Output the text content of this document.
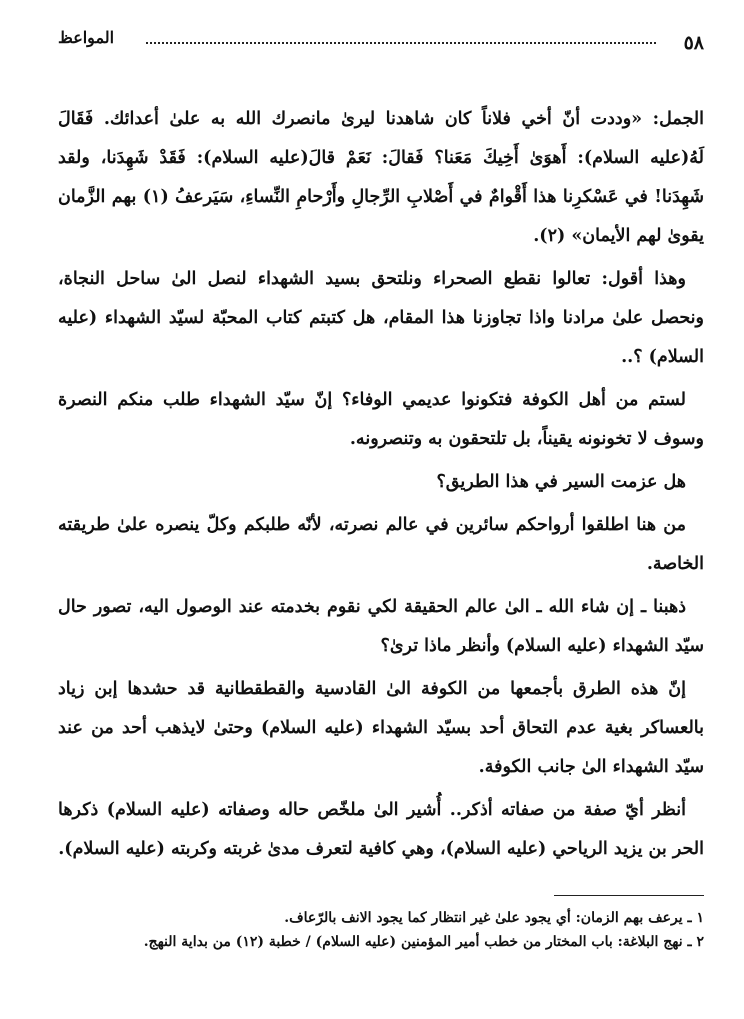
٥٨
المواعظ

الجمل: «وددت أنّ أخي فلاناً كان شاهدنا ليرىٰ مانصرك الله به علىٰ أعدائك. فَقَالَ لَهُ(عليه السلام): أَهوَىٰ أَخِيكَ مَعَنا؟ فَقالَ: نَعَمْ قالَ(عليه السلام): فَقَدْ شَهِدَنا، ولقد شَهِدَنا! في عَسْكرِنا هذا أَقْوامٌ في أَصْلابِ الرِّجالِ وأَرْحامِ النِّساءِ، سَيَرعفُ (١) بهم الزَّمان يقوىٰ لهم الأيمان» (٢).

وهذا أقول: تعالوا نقطع الصحراء ونلتحق بسيد الشهداء لنصل الىٰ ساحل النجاة، ونحصل علىٰ مرادنا واذا تجاوزنا هذا المقام، هل كتبتم كتاب المحبّة لسيّد الشهداء (عليه السلام) ؟..

لستم من أهل الكوفة فتكونوا عديمي الوفاء؟ إنّ سيّد الشهداء طلب منكم النصرة وسوف لا تخونونه يقيناً، بل تلتحقون به وتنصرونه.

هل عزمت السير في هذا الطريق؟

من هنا اطلقوا أرواحكم سائرين في عالم نصرته، لأنّه طلبكم وكلّ ينصره علىٰ طريقته الخاصة.

ذهبنا ـ إن شاء الله ـ الىٰ عالم الحقيقة لكي نقوم بخدمته عند الوصول اليه، تصور حال سيّد الشهداء (عليه السلام) وأنظر ماذا ترىٰ؟

إنّ هذه الطرق بأجمعها من الكوفة الىٰ القادسية والقطقطانية قد حشدها إبن زياد بالعساكر بغية عدم التحاق أحد بسيّد الشهداء (عليه السلام) وحتىٰ لايذهب أحد من عند سيّد الشهداء الىٰ جانب الكوفة.

أنظر أيّ صفة من صفاته أذكر.. أُشير الىٰ ملخّص حاله وصفاته (عليه السلام) ذكرها الحر بن يزيد الرياحي (عليه السلام)، وهي كافية لتعرف مدىٰ غربته وكربته (عليه السلام).

١ ـ يرعف بهم الزمان: أي يجود علىٰ غير انتظار كما يجود الانف بالرّعاف.

٢ ـ نهج البلاغة: باب المختار من خطب أمير المؤمنين (عليه السلام) / خطبة (١٢) من بداية النهج.
